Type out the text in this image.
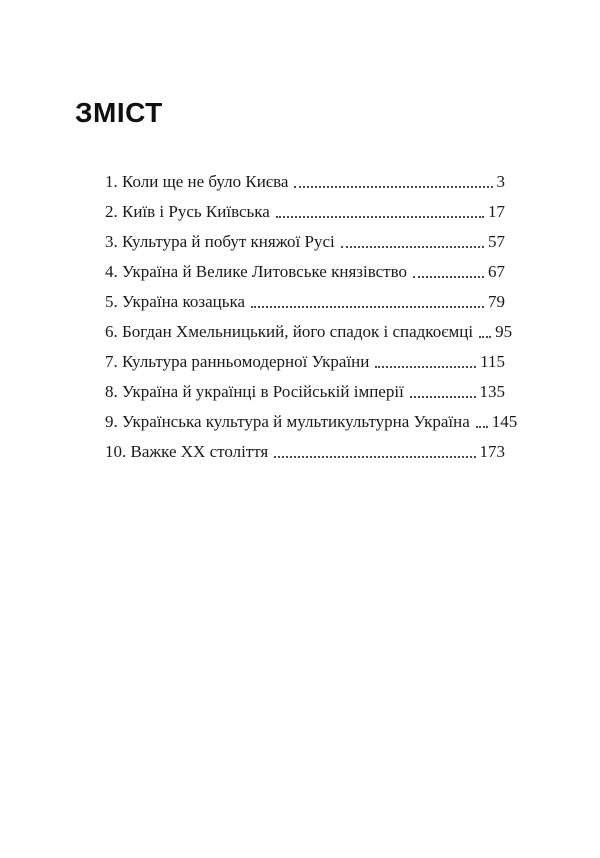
ЗМІСТ
1. Коли ще не було Києва	3
2. Київ і Русь Київська	17
3. Культура й побут княжої Русі	57
4. Україна й Велике Литовське князівство	67
5. Україна козацька	79
6. Богдан Хмельницький, його спадок і спадкоємці 95
7. Культура ранньомодерної України	115
8. Україна й українці в Російській імперії	135
9. Українська культура й мультикультурна Україна 145
10. Важке XX століття	173
